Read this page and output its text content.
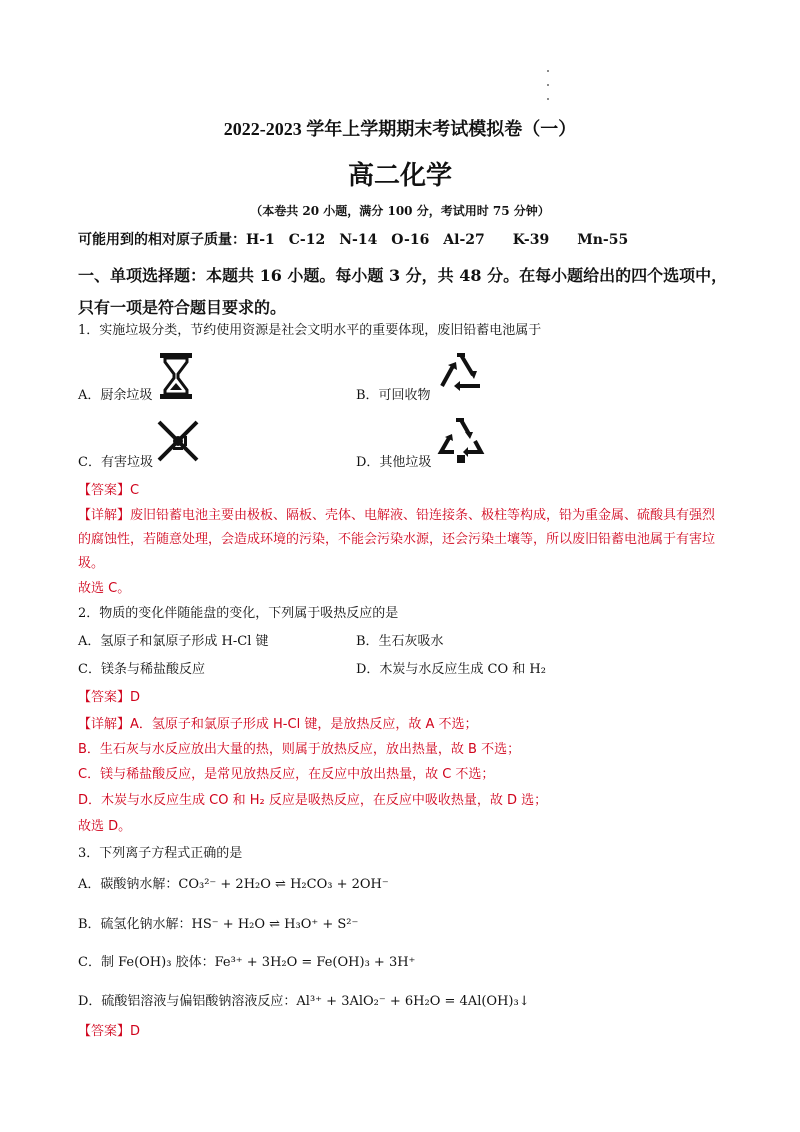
2022-2023 学年上学期期末考试模拟卷（一）
高二化学
（本卷共 20 小题，满分 100 分，考试用时 75 分钟）
可能用到的相对原子质量：H-1　C-12　N-14　O-16　Al-27　　K-39　　Mn-55
一、单项选择题：本题共 16 小题。每小题 3 分，共 48 分。在每小题给出的四个选项中，只有一项是符合题目要求的。
1．实施垃圾分类，节约使用资源是社会文明水平的重要体现，废旧铅蓄电池属于
A．厨余垃圾	B．可回收物
C．有害垃圾	D．其他垃圾
【答案】C
【详解】废旧铅蓄电池主要由极板、隔板、壳体、电解液、铅连接条、极柱等构成，铅为重金属、硫酸具有强烈的腐蚀性，若随意处理，会造成环境的污染，不能会污染水源，还会污染土壤等，所以废旧铅蓄电池属于有害垃圾。
故选 C。
2．物质的变化伴随能盘的变化，下列属于吸热反应的是
A．氢原子和氯原子形成 H-Cl 键	B．生石灰吸水
C．镁条与稀盐酸反应	D．木炭与水反应生成 CO 和 H₂
【答案】D
【详解】A．氢原子和氯原子形成 H-Cl 键，是放热反应，故 A 不选；
B．生石灰与水反应放出大量的热，则属于放热反应，放出热量，故 B 不选；
C．镁与稀盐酸反应，是常见放热反应，在反应中放出热量，故 C 不选；
D．木炭与水反应生成 CO 和 H₂ 反应是吸热反应，在反应中吸收热量，故 D 选；
故选 D。
3．下列离子方程式正确的是
A．碳酸钠水解：CO₃²⁻ + 2H₂O ⇌ H₂CO₃ + 2OH⁻
B．硫氢化钠水解：HS⁻ + H₂O ⇌ H₃O⁺ + S²⁻
C．制 Fe(OH)₃ 胶体：Fe³⁺ + 3H₂O = Fe(OH)₃ + 3H⁺
D．硫酸铝溶液与偏铝酸钠溶液反应：Al³⁺ + 3AlO₂⁻ + 6H₂O = 4Al(OH)₃↓
【答案】D
